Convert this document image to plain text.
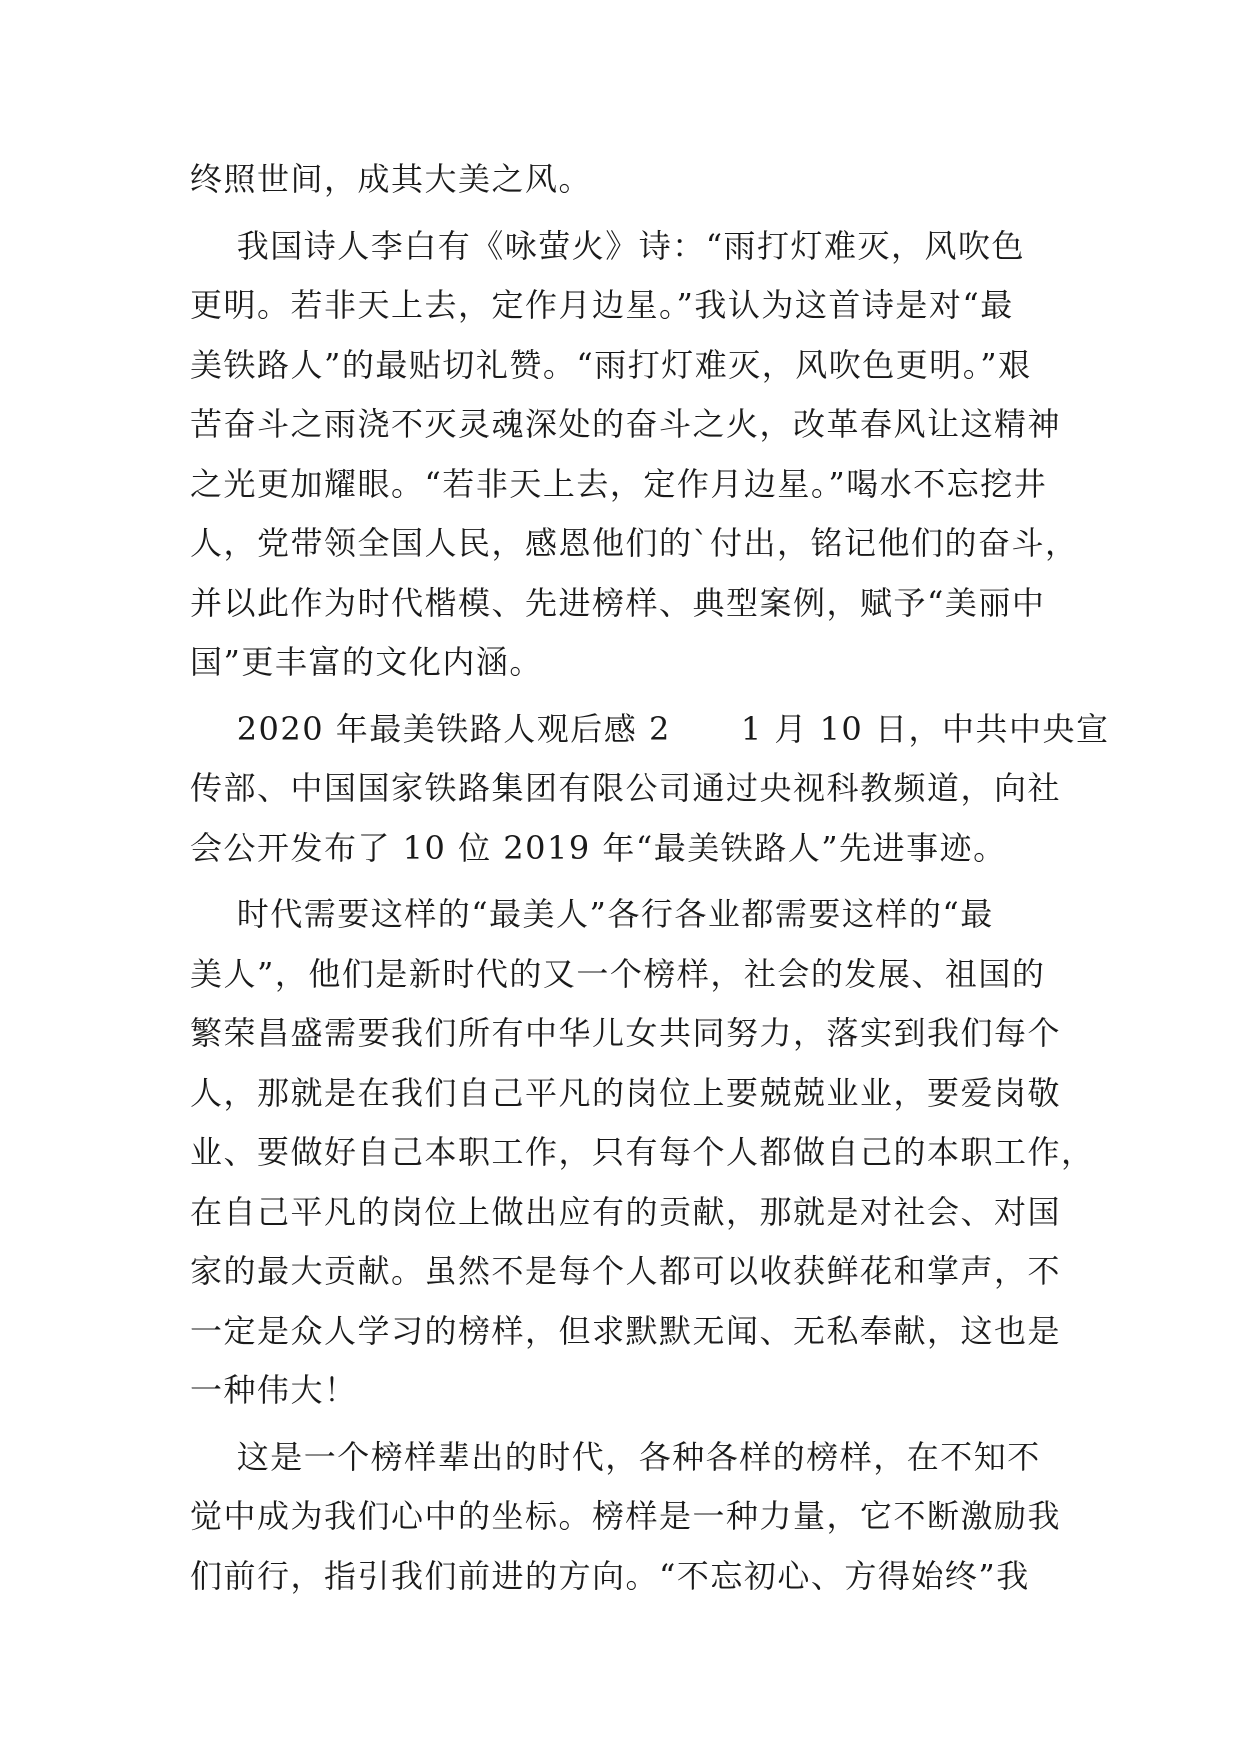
终照世间，成其大美之风。
我国诗人李白有《咏萤火》诗：“雨打灯难灭，风吹色
更明。若非天上去，定作月边星。”我认为这首诗是对“最
美铁路人”的最贴切礼赞。“雨打灯难灭，风吹色更明。”艰
苦奋斗之雨浇不灭灵魂深处的奋斗之火，改革春风让这精神
之光更加耀眼。“若非天上去，定作月边星。”喝水不忘挖井
人，党带领全国人民，感恩他们的`付出，铭记他们的奋斗，
并以此作为时代楷模、先进榜样、典型案例，赋予“美丽中
国”更丰富的文化内涵。
2020 年最美铁路人观后感 2      1 月 10 日，中共中央宣
传部、中国国家铁路集团有限公司通过央视科教频道，向社
会公开发布了 10 位 2019 年“最美铁路人”先进事迹。
时代需要这样的“最美人”各行各业都需要这样的“最
美人”，他们是新时代的又一个榜样，社会的发展、祖国的
繁荣昌盛需要我们所有中华儿女共同努力，落实到我们每个
人，那就是在我们自己平凡的岗位上要兢兢业业，要爱岗敬
业、要做好自己本职工作，只有每个人都做自己的本职工作，
在自己平凡的岗位上做出应有的贡献，那就是对社会、对国
家的最大贡献。虽然不是每个人都可以收获鲜花和掌声，不
一定是众人学习的榜样，但求默默无闻、无私奉献，这也是
一种伟大！
这是一个榜样辈出的时代，各种各样的榜样，在不知不
觉中成为我们心中的坐标。榜样是一种力量，它不断激励我
们前行，指引我们前进的方向。“不忘初心、方得始终”我
